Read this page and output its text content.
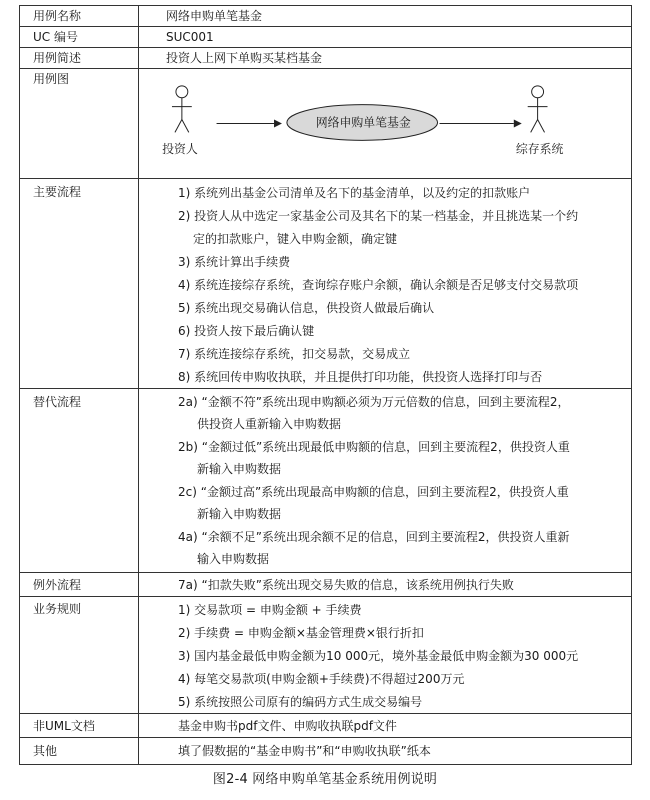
用例名称	网络申购单笔基金
UC 编号	SUC001
用例简述	投资人上网下单购买某档基金
用例图
投资人
网络申购单笔基金
综存系统
主要流程	1) 系统列出基金公司清单及名下的基金清单，以及约定的扣款账户
2) 投资人从中选定一家基金公司及其名下的某一档基金，并且挑选某一个约
定的扣款账户，键入申购金额，确定键
3) 系统计算出手续费
4) 系统连接综存系统，查询综存账户余额，确认余额是否足够支付交易款项
5) 系统出现交易确认信息，供投资人做最后确认
6) 投资人按下最后确认键
7) 系统连接综存系统，扣交易款，交易成立
8) 系统回传申购收执联，并且提供打印功能，供投资人选择打印与否
替代流程	2a) “金额不符”系统出现申购额必须为万元倍数的信息，回到主要流程2，
供投资人重新输入申购数据
2b) “金额过低”系统出现最低申购额的信息，回到主要流程2，供投资人重
新输入申购数据
2c) “金额过高”系统出现最高申购额的信息，回到主要流程2，供投资人重
新输入申购数据
4a) “余额不足”系统出现余额不足的信息，回到主要流程2，供投资人重新
输入申购数据
例外流程	7a) “扣款失败”系统出现交易失败的信息，该系统用例执行失败
业务规则	1) 交易款项 = 申购金额 + 手续费
2) 手续费 = 申购金额×基金管理费×银行折扣
3) 国内基金最低申购金额为10 000元，境外基金最低申购金额为30 000元
4) 每笔交易款项(申购金额+手续费)不得超过200万元
5) 系统按照公司原有的编码方式生成交易编号
非UML文档	基金申购书pdf文件、申购收执联pdf文件
其他	填了假数据的“基金申购书”和“申购收执联”纸本
图2-4 网络申购单笔基金系统用例说明
